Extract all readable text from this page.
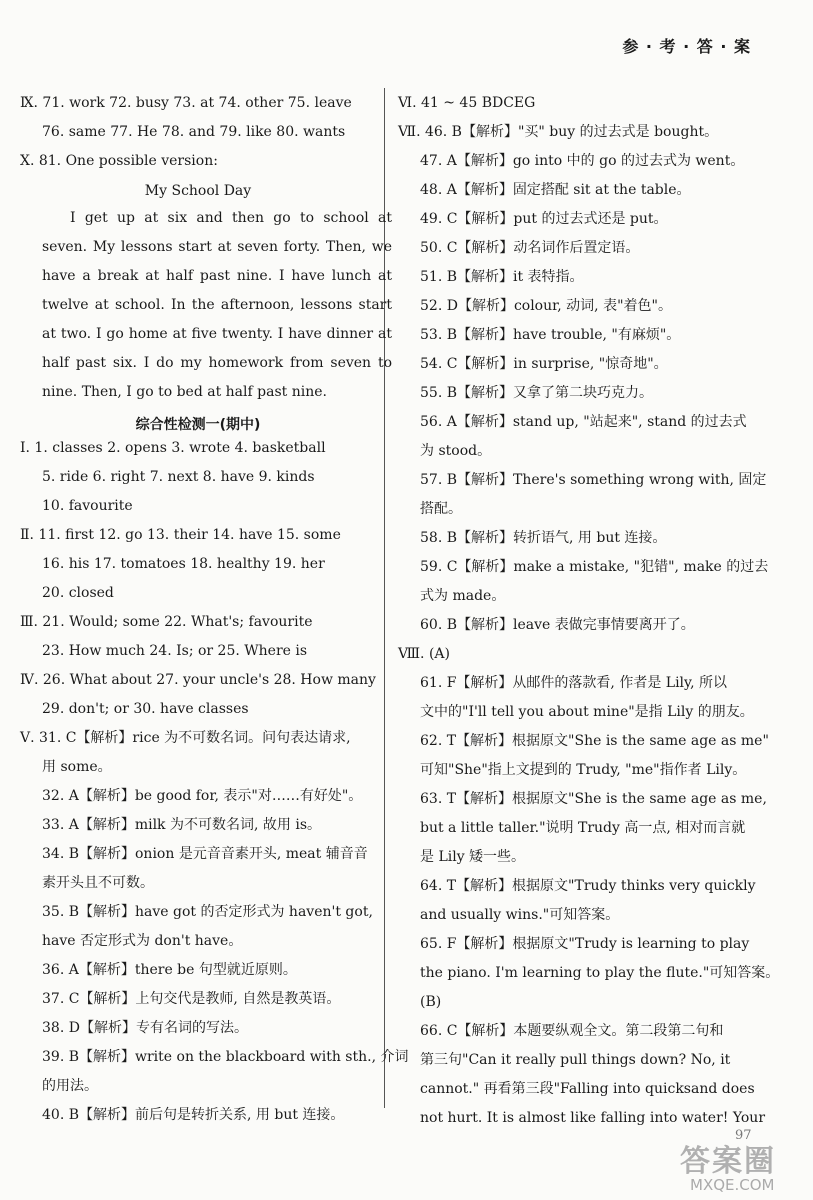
参 · 考 · 答 · 案
Ⅸ. 71. work 72. busy 73. at 74. other 75. leave
76. same 77. He 78. and 79. like 80. wants
Ⅹ. 81. One possible version:
My School Day
I get up at six and then go to school at seven. My lessons start at seven forty. Then, we have a break at half past nine. I have lunch at twelve at school. In the afternoon, lessons start at two. I go home at five twenty. I have dinner at half past six. I do my homework from seven to nine. Then, I go to bed at half past nine.
综合性检测一(期中)
Ⅰ. 1. classes 2. opens 3. wrote 4. basketball
5. ride 6. right 7. next 8. have 9. kinds
10. favourite
Ⅱ. 11. first 12. go 13. their 14. have 15. some
16. his 17. tomatoes 18. healthy 19. her
20. closed
Ⅲ. 21. Would; some 22. What's; favourite
23. How much 24. Is; or 25. Where is
Ⅳ. 26. What about 27. your uncle's 28. How many
29. don't; or 30. have classes
Ⅴ. 31. C【解析】rice 为不可数名词。问句表达请求,
用 some。
32. A【解析】be good for, 表示"对……有好处"。
33. A【解析】milk 为不可数名词, 故用 is。
34. B【解析】onion 是元音音素开头, meat 辅音音
素开头且不可数。
35. B【解析】have got 的否定形式为 haven't got,
have 否定形式为 don't have。
36. A【解析】there be 句型就近原则。
37. C【解析】上句交代是教师, 自然是教英语。
38. D【解析】专有名词的写法。
39. B【解析】write on the blackboard with sth., 介词
的用法。
40. B【解析】前后句是转折关系, 用 but 连接。
Ⅵ. 41 ~ 45 BDCEG
Ⅶ. 46. B【解析】"买" buy 的过去式是 bought。
47. A【解析】go into 中的 go 的过去式为 went。
48. A【解析】固定搭配 sit at the table。
49. C【解析】put 的过去式还是 put。
50. C【解析】动名词作后置定语。
51. B【解析】it 表特指。
52. D【解析】colour, 动词, 表"着色"。
53. B【解析】have trouble, "有麻烦"。
54. C【解析】in surprise, "惊奇地"。
55. B【解析】又拿了第二块巧克力。
56. A【解析】stand up, "站起来", stand 的过去式
为 stood。
57. B【解析】There's something wrong with, 固定
搭配。
58. B【解析】转折语气, 用 but 连接。
59. C【解析】make a mistake, "犯错", make 的过去
式为 made。
60. B【解析】leave 表做完事情要离开了。
Ⅷ. (A)
61. F【解析】从邮件的落款看, 作者是 Lily, 所以
文中的"I'll tell you about mine"是指 Lily 的朋友。
62. T【解析】根据原文"She is the same age as me"
可知"She"指上文提到的 Trudy, "me"指作者 Lily。
63. T【解析】根据原文"She is the same age as me,
but a little taller."说明 Trudy 高一点, 相对而言就
是 Lily 矮一些。
64. T【解析】根据原文"Trudy thinks very quickly
and usually wins."可知答案。
65. F【解析】根据原文"Trudy is learning to play
the piano. I'm learning to play the flute."可知答案。
(B)
66. C【解析】本题要纵观全文。第二段第二句和
第三句"Can it really pull things down? No, it
cannot." 再看第三段"Falling into quicksand does
not hurt. It is almost like falling into water! Your
97
答案圈
MXQE.COM
